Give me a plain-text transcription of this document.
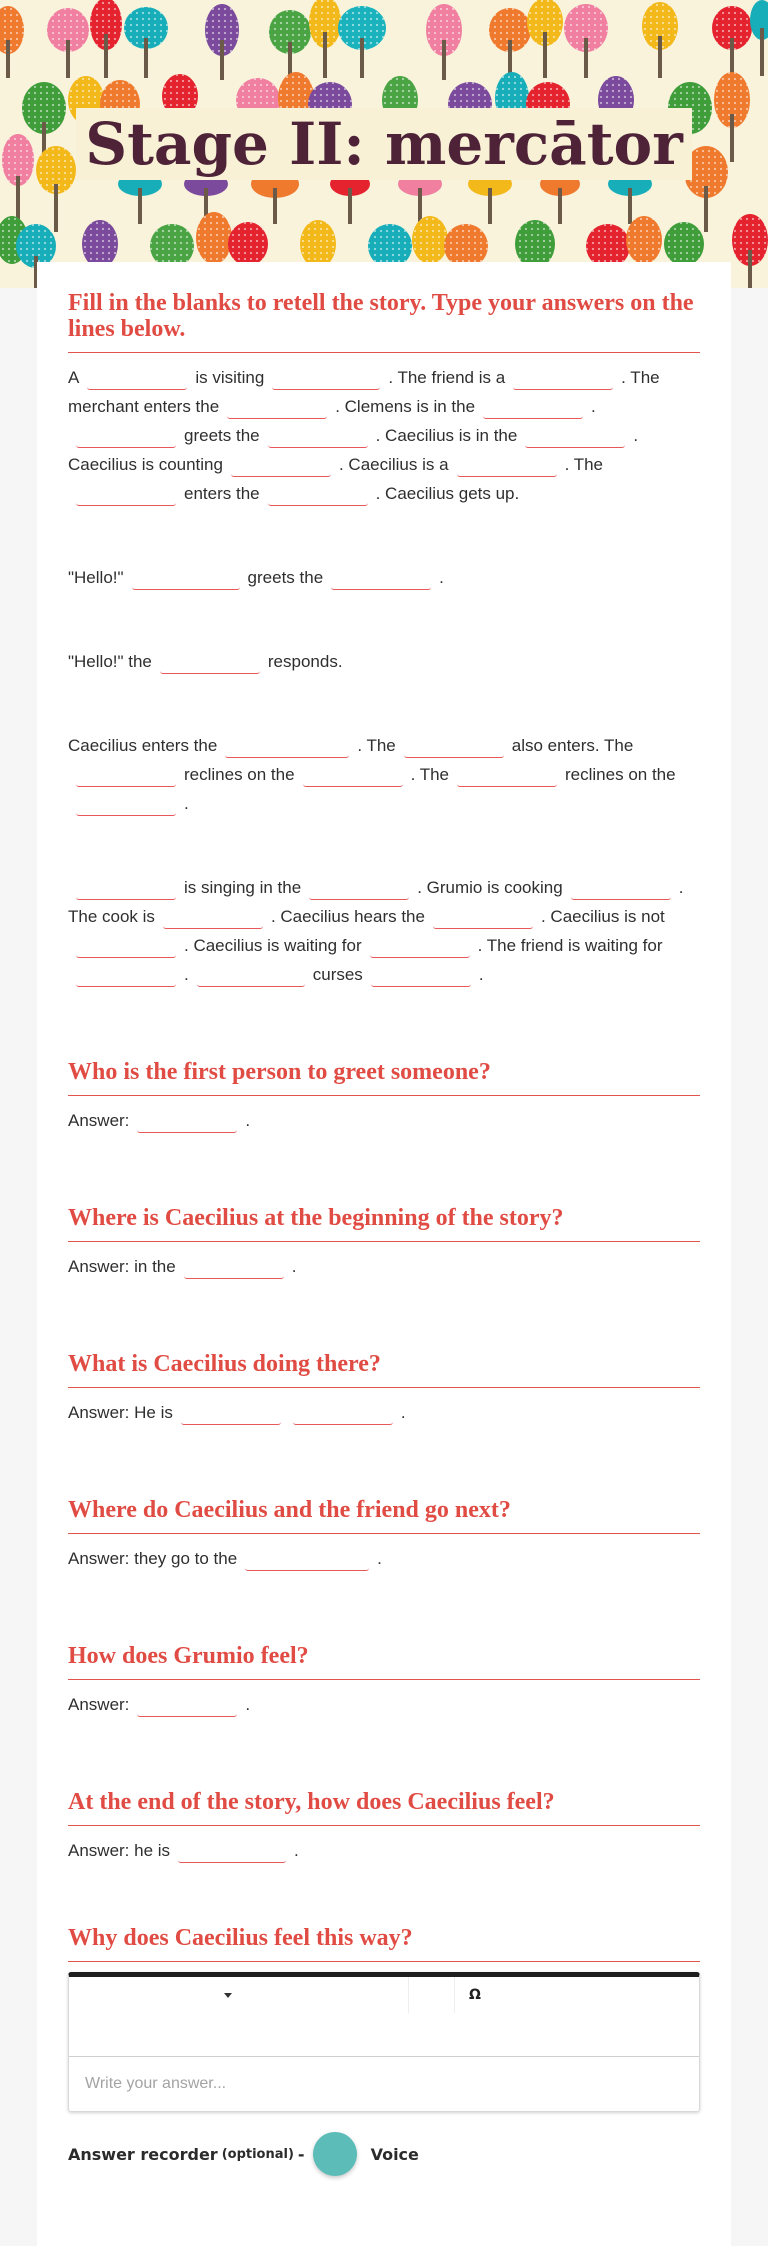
Stage II: mercātor
Fill in the blanks to retell the story. Type your answers on the lines below.

A	is visiting	. The friend is a	. The merchant enters the	. Clemens is in the	.greets the	. Caecilius is in the	. Caecilius is counting	. Caecilius is a	. The enters the	. Caecilius gets up.

"Hello!"	greets the	.

"Hello!" the	responds.

Caecilius enters the	. The	also enters. The reclines on the	. The	reclines on the.

is singing in the	. Grumio is cooking	. The cook is	. Caecilius hears the	. Caecilius is not. Caecilius is waiting for	. The friend is waiting for.	curses	.

Who is the first person to greet someone?

Answer:	.

Where is Caecilius at the beginning of the story?

Answer: in the	.

What is Caecilius doing there?

Answer: He is	.

Where do Caecilius and the friend go next?

Answer: they go to the	.

How does Grumio feel?

Answer:	.

At the end of the story, how does Caecilius feel?

Answer: he is	.

Why does Caecilius feel this way?
Ω
Write your answer...
Answer recorder (optional) -	Voice
